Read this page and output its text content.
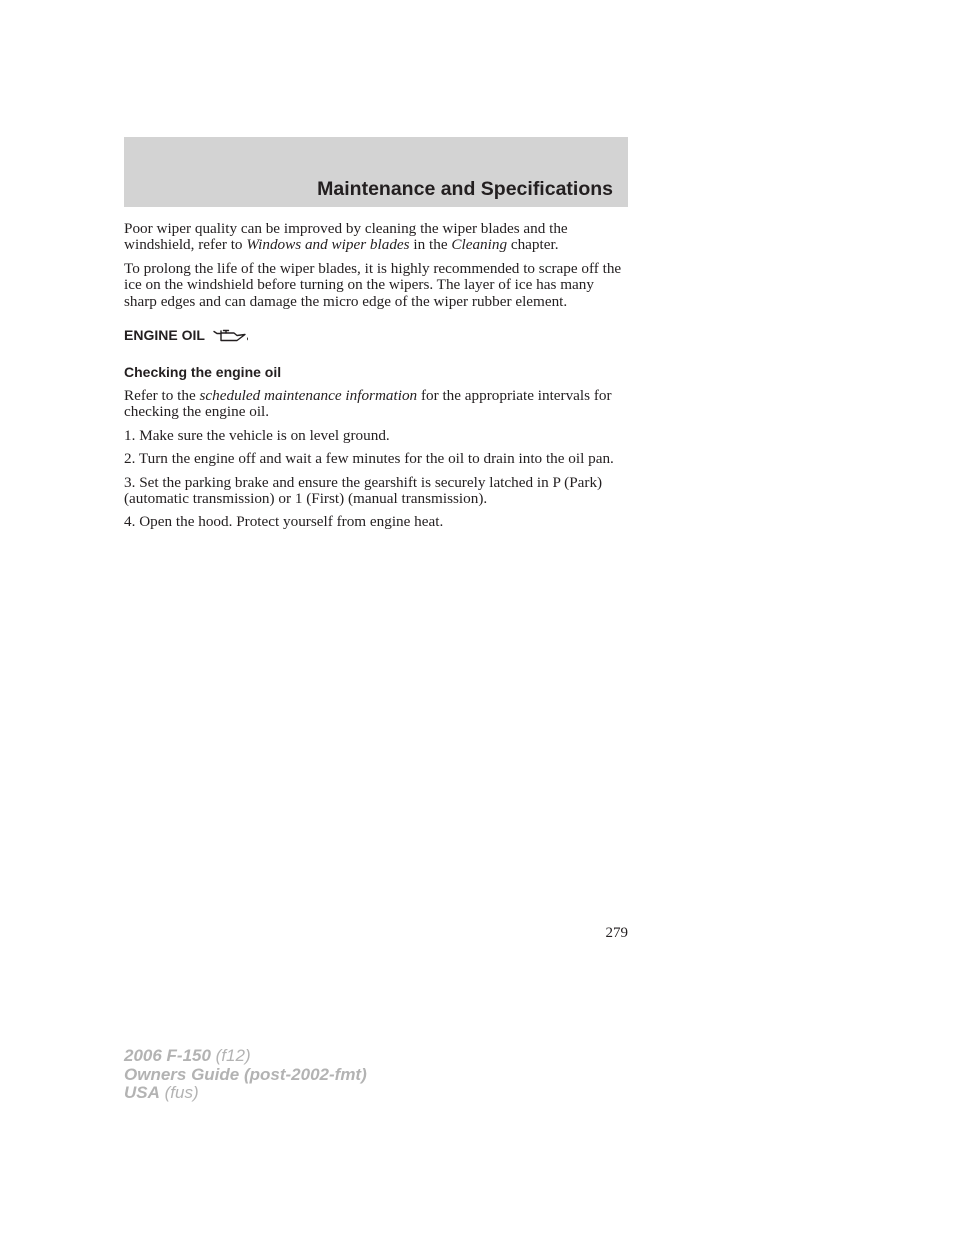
Maintenance and Specifications

Poor wiper quality can be improved by cleaning the wiper blades and the windshield, refer to Windows and wiper blades in the Cleaning chapter.

To prolong the life of the wiper blades, it is highly recommended to scrape off the ice on the windshield before turning on the wipers. The layer of ice has many sharp edges and can damage the micro edge of the wiper rubber element.

ENGINE OIL
Checking the engine oil

Refer to the scheduled maintenance information for the appropriate intervals for checking the engine oil.

1. Make sure the vehicle is on level ground.

2. Turn the engine off and wait a few minutes for the oil to drain into the oil pan.

3. Set the parking brake and ensure the gearshift is securely latched in P (Park) (automatic transmission) or 1 (First) (manual transmission).

4. Open the hood. Protect yourself from engine heat.

279
2006 F-150 (f12)
Owners Guide (post-2002-fmt)
USA (fus)
